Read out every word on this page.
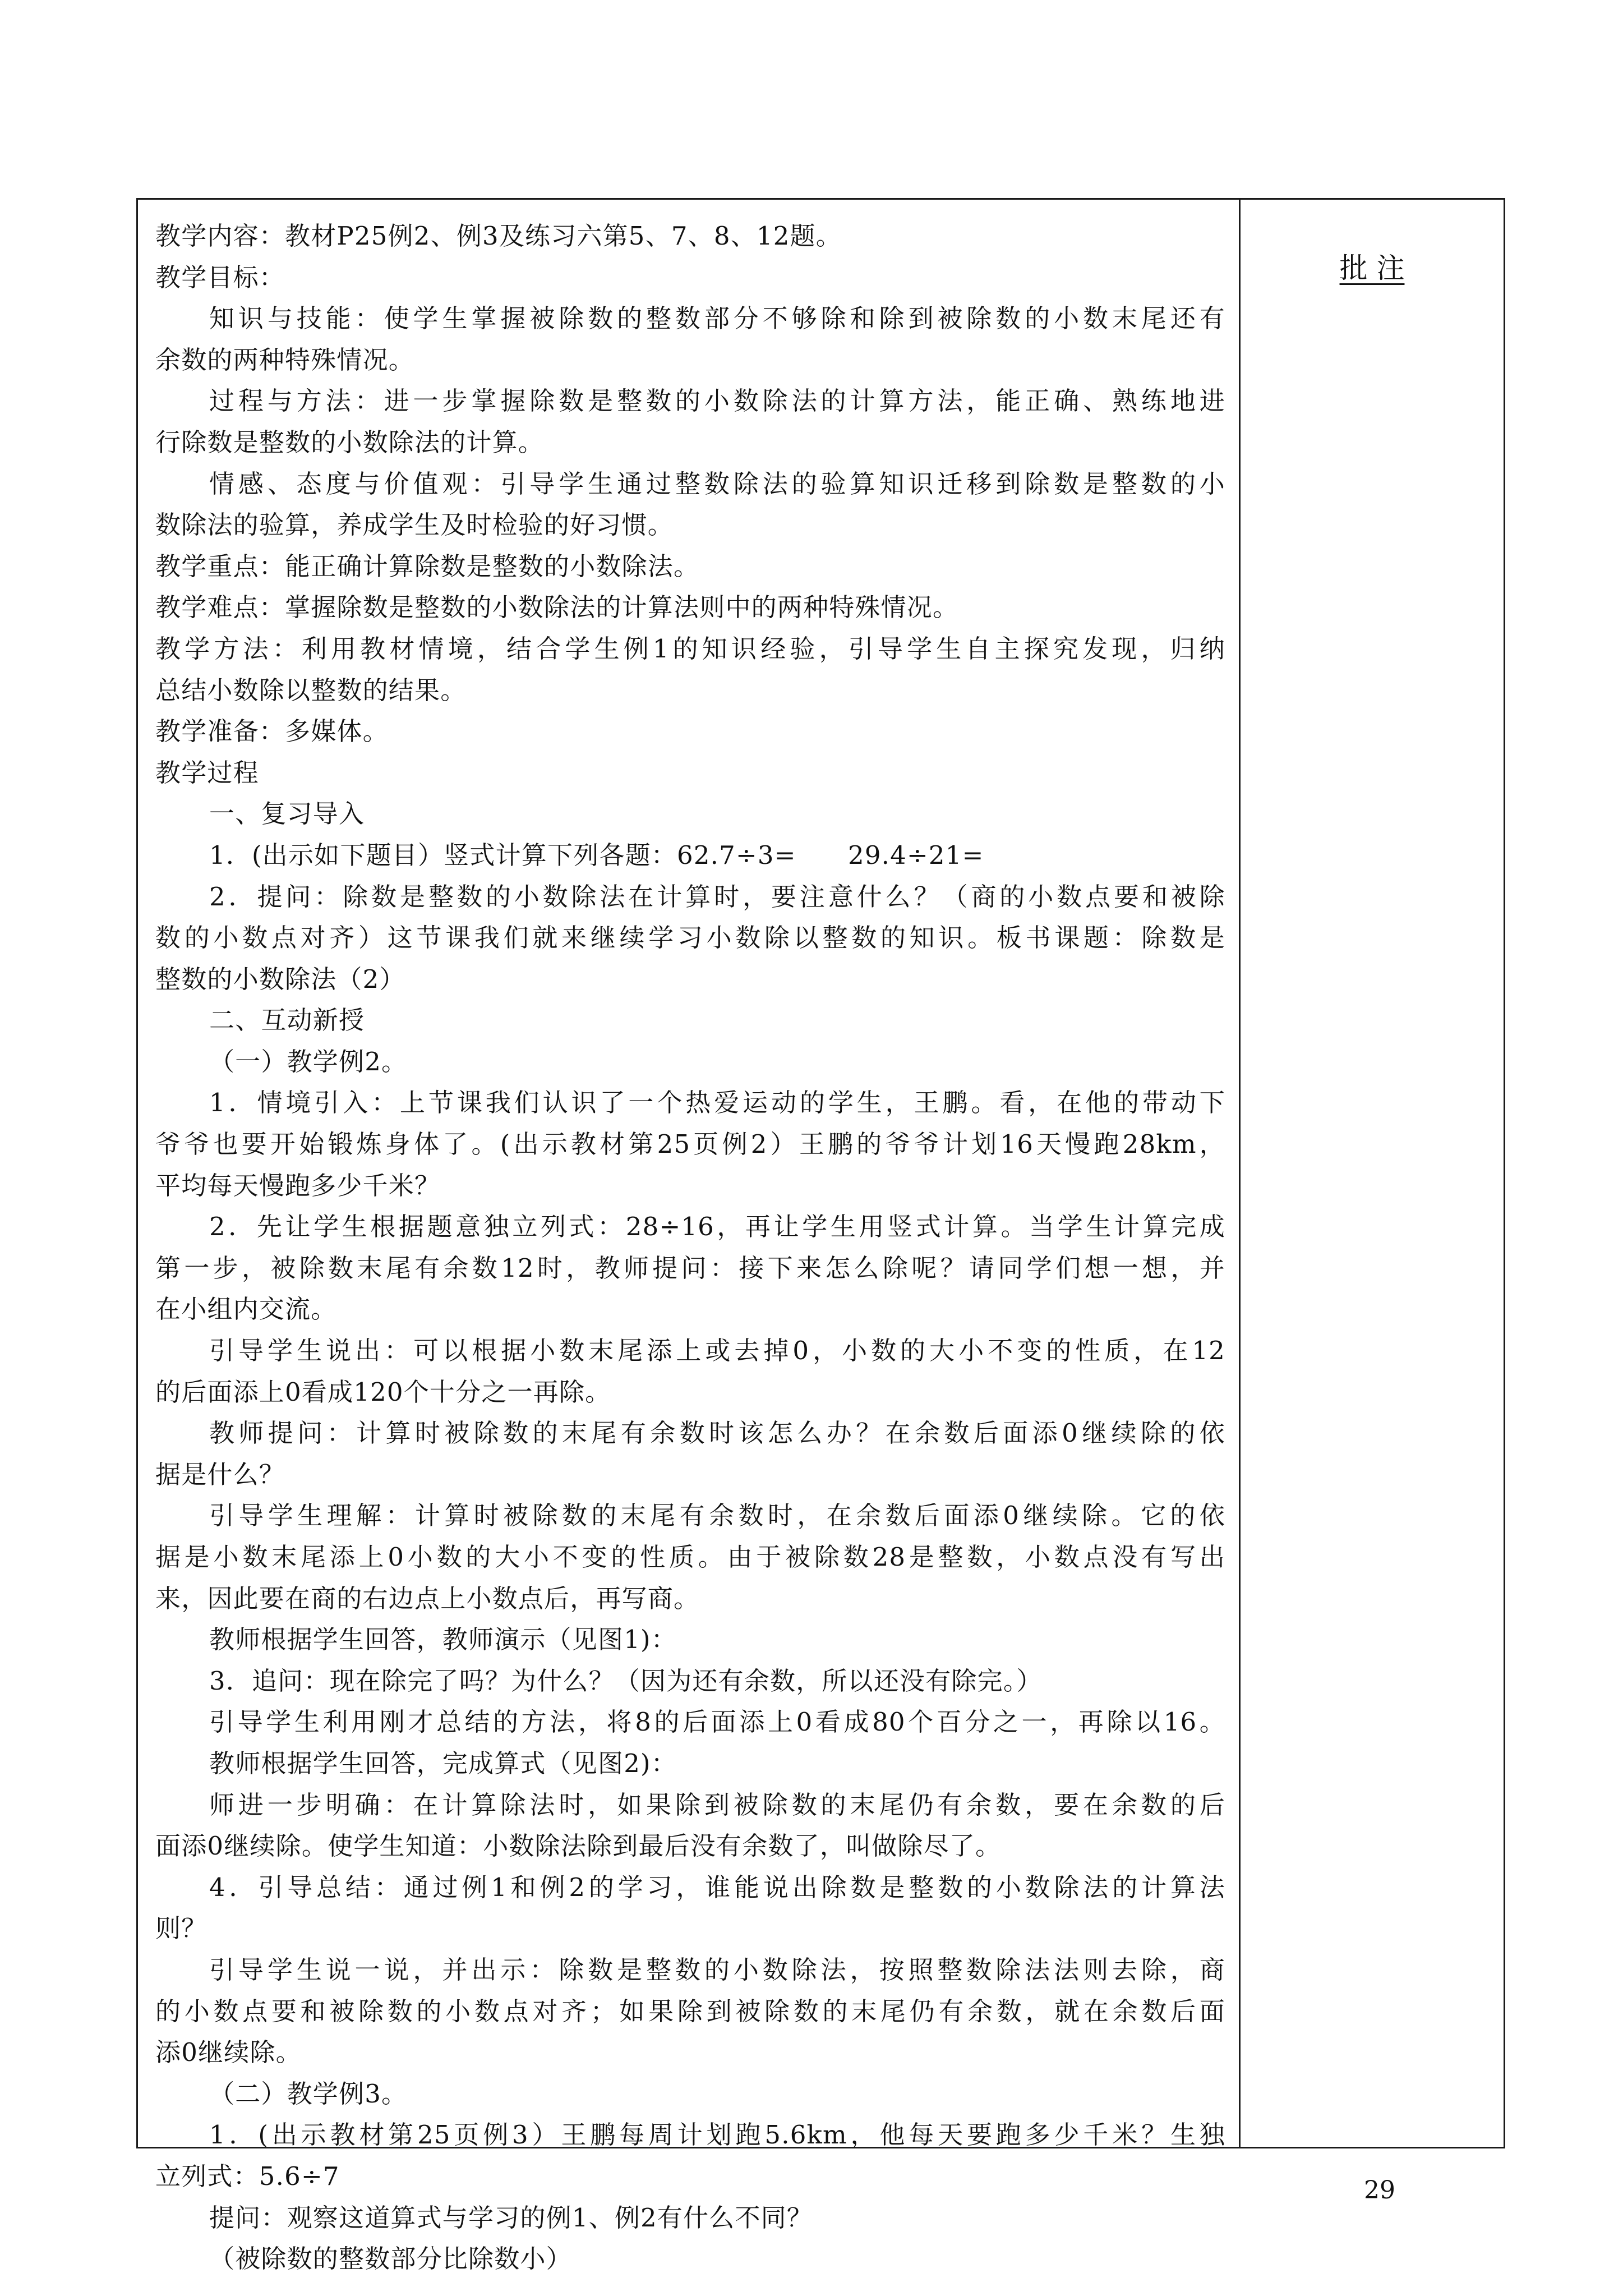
教学内容：教材P25例2、例3及练习六第5、7、8、12题。
教学目标：
知识与技能：使学生掌握被除数的整数部分不够除和除到被除数的小数末尾还有
余数的两种特殊情况。
过程与方法：进一步掌握除数是整数的小数除法的计算方法，能正确、熟练地进
行除数是整数的小数除法的计算。
情感、态度与价值观：引导学生通过整数除法的验算知识迁移到除数是整数的小
数除法的验算，养成学生及时检验的好习惯。
教学重点：能正确计算除数是整数的小数除法。
教学难点：掌握除数是整数的小数除法的计算法则中的两种特殊情况。
教学方法：利用教材情境，结合学生例1的知识经验，引导学生自主探究发现，归纳
总结小数除以整数的结果。
教学准备：多媒体。
教学过程
一、复习导入
1．(出示如下题目）竖式计算下列各题：62.7÷3=　　29.4÷21=
2．提问：除数是整数的小数除法在计算时，要注意什么？（商的小数点要和被除
数的小数点对齐）这节课我们就来继续学习小数除以整数的知识。板书课题：除数是
整数的小数除法（2）
二、互动新授
（一）教学例2。
1．情境引入：上节课我们认识了一个热爱运动的学生，王鹏。看，在他的带动下
爷爷也要开始锻炼身体了。(出示教材第25页例2）王鹏的爷爷计划16天慢跑28km，
平均每天慢跑多少千米？
2．先让学生根据题意独立列式：28÷16，再让学生用竖式计算。当学生计算完成
第一步，被除数末尾有余数12时，教师提问：接下来怎么除呢？请同学们想一想，并
在小组内交流。
引导学生说出：可以根据小数末尾添上或去掉0，小数的大小不变的性质，在12
的后面添上0看成120个十分之一再除。
教师提问：计算时被除数的末尾有余数时该怎么办？在余数后面添0继续除的依
据是什么？
引导学生理解：计算时被除数的末尾有余数时，在余数后面添0继续除。它的依
据是小数末尾添上0小数的大小不变的性质。由于被除数28是整数，小数点没有写出
来，因此要在商的右边点上小数点后，再写商。
教师根据学生回答，教师演示（见图1)：
3．追问：现在除完了吗？为什么？（因为还有余数，所以还没有除完。）
引导学生利用刚才总结的方法，将8的后面添上0看成80个百分之一，再除以16。
教师根据学生回答，完成算式（见图2)：
师进一步明确：在计算除法时，如果除到被除数的末尾仍有余数，要在余数的后
面添0继续除。使学生知道：小数除法除到最后没有余数了，叫做除尽了。
4．引导总结：通过例1和例2的学习，谁能说出除数是整数的小数除法的计算法
则？
引导学生说一说，并出示：除数是整数的小数除法，按照整数除法法则去除，商
的小数点要和被除数的小数点对齐；如果除到被除数的末尾仍有余数，就在余数后面
添0继续除。
（二）教学例3。
1．(出示教材第25页例3）王鹏每周计划跑5.6km，他每天要跑多少千米？生独
立列式：5.6÷7
提问：观察这道算式与学习的例1、例2有什么不同？
（被除数的整数部分比除数小）
批 注
29
